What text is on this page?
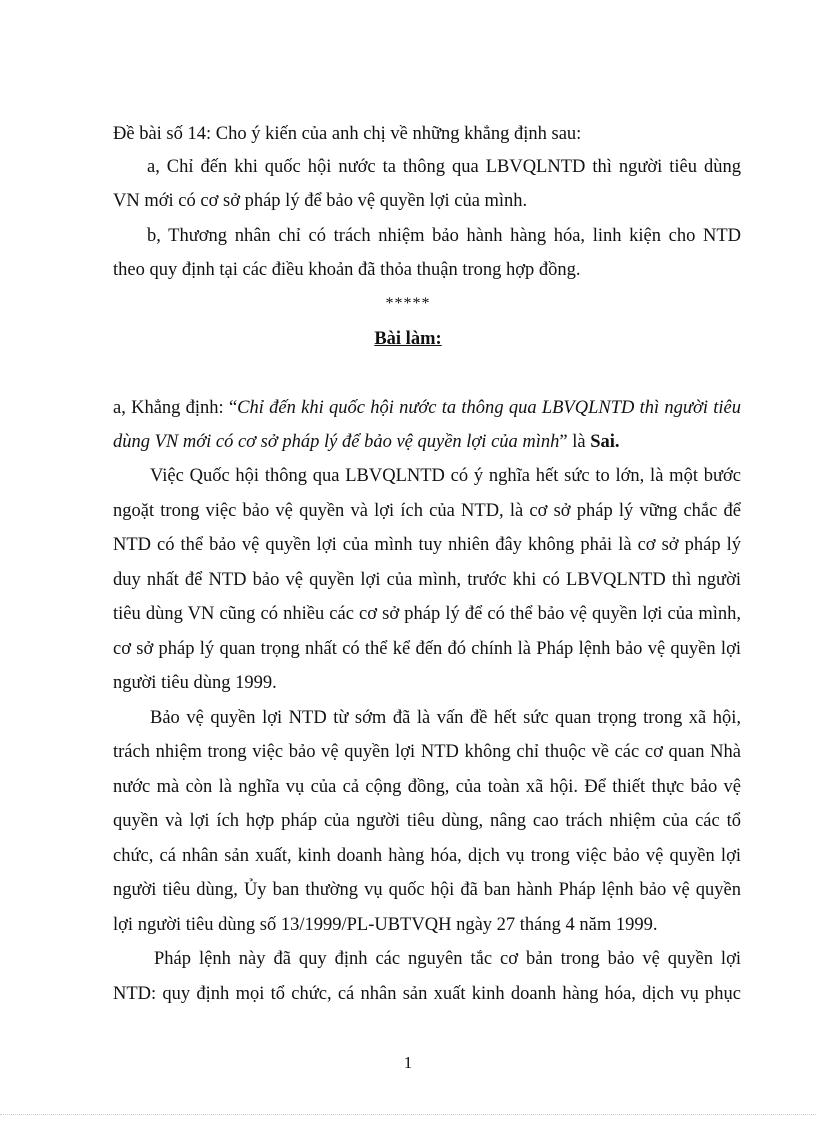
Đề bài số 14: Cho ý kiến của anh chị về những khẳng định sau:
a, Chỉ đến khi quốc hội nước ta thông qua LBVQLNTD thì người tiêu dùng
VN mới có cơ sở pháp lý để bảo vệ quyền lợi của mình.
b, Thương nhân chỉ có trách nhiệm bảo hành hàng hóa, linh kiện cho NTD
theo quy định tại các điều khoản đã thỏa thuận trong hợp đồng.
*****
Bài làm:
a, Khẳng định: “Chỉ đến khi quốc hội nước ta thông qua LBVQLNTD thì người tiêu
dùng VN mới có cơ sở pháp lý để bảo vệ quyền lợi của mình” là Sai.
Việc Quốc hội thông qua LBVQLNTD có ý nghĩa hết sức to lớn, là một bước
ngoặt trong việc bảo vệ quyền và lợi ích của NTD, là cơ sở pháp lý vững chắc để
NTD có thể bảo vệ quyền lợi của mình tuy nhiên đây không phải là cơ sở pháp lý
duy nhất để NTD bảo vệ quyền lợi của mình, trước khi có LBVQLNTD thì người
tiêu dùng VN cũng có nhiều các cơ sở pháp lý để có thể bảo vệ quyền lợi của mình,
cơ sở pháp lý quan trọng nhất có thể kể đến đó chính là Pháp lệnh bảo vệ quyền lợi
người tiêu dùng 1999.
Bảo vệ quyền lợi NTD từ sớm đã là vấn đề hết sức quan trọng trong xã hội,
trách nhiệm trong việc bảo vệ quyền lợi NTD không chỉ thuộc về các cơ quan Nhà
nước mà còn là nghĩa vụ của cả cộng đồng, của toàn xã hội. Để thiết thực bảo vệ
quyền và lợi ích hợp pháp của người tiêu dùng, nâng cao trách nhiệm của các tổ
chức, cá nhân sản xuất, kinh doanh hàng hóa, dịch vụ trong việc bảo vệ quyền lợi
người tiêu dùng, Ủy ban thường vụ quốc hội đã ban hành Pháp lệnh bảo vệ quyền
lợi người tiêu dùng số 13/1999/PL-UBTVQH ngày 27 tháng 4 năm 1999.
Pháp lệnh này đã quy định các nguyên tắc cơ bản trong bảo vệ quyền lợi
NTD: quy định mọi tổ chức, cá nhân sản xuất kinh doanh hàng hóa, dịch vụ phục
1
